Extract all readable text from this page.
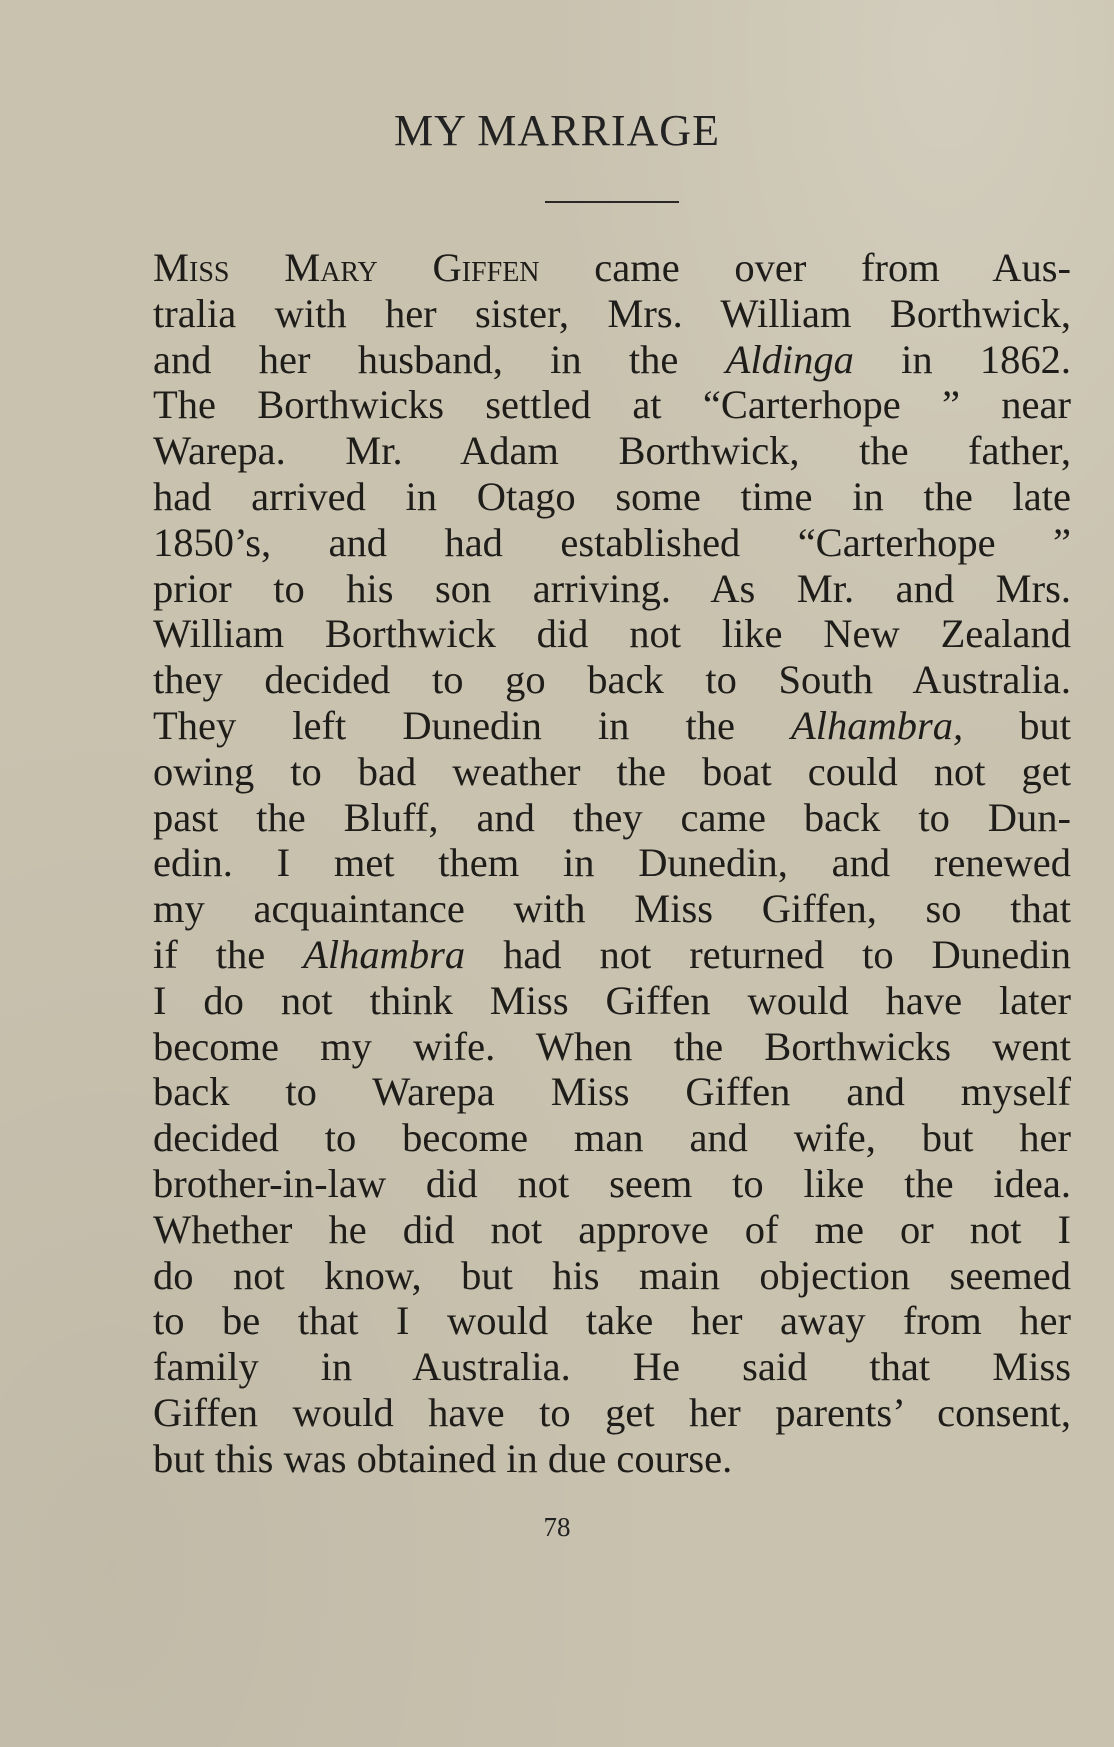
MY MARRIAGE
Miss Mary Giffen came over from Aus-
tralia with her sister, Mrs. William Borthwick,
and her husband, in the Aldinga in 1862.
The Borthwicks settled at “Carterhope ” near
Warepa. Mr. Adam Borthwick, the father,
had arrived in Otago some time in the late
1850’s, and had established “Carterhope ”
prior to his son arriving. As Mr. and Mrs.
William Borthwick did not like New Zealand
they decided to go back to South Australia.
They left Dunedin in the Alhambra, but
owing to bad weather the boat could not get
past the Bluff, and they came back to Dun-
edin. I met them in Dunedin, and renewed
my acquaintance with Miss Giffen, so that
if the Alhambra had not returned to Dunedin
I do not think Miss Giffen would have later
become my wife. When the Borthwicks went
back to Warepa Miss Giffen and myself
decided to become man and wife, but her
brother-in-law did not seem to like the idea.
Whether he did not approve of me or not I
do not know, but his main objection seemed
to be that I would take her away from her
family in Australia. He said that Miss
Giffen would have to get her parents’ consent,
but this was obtained in due course.
78
